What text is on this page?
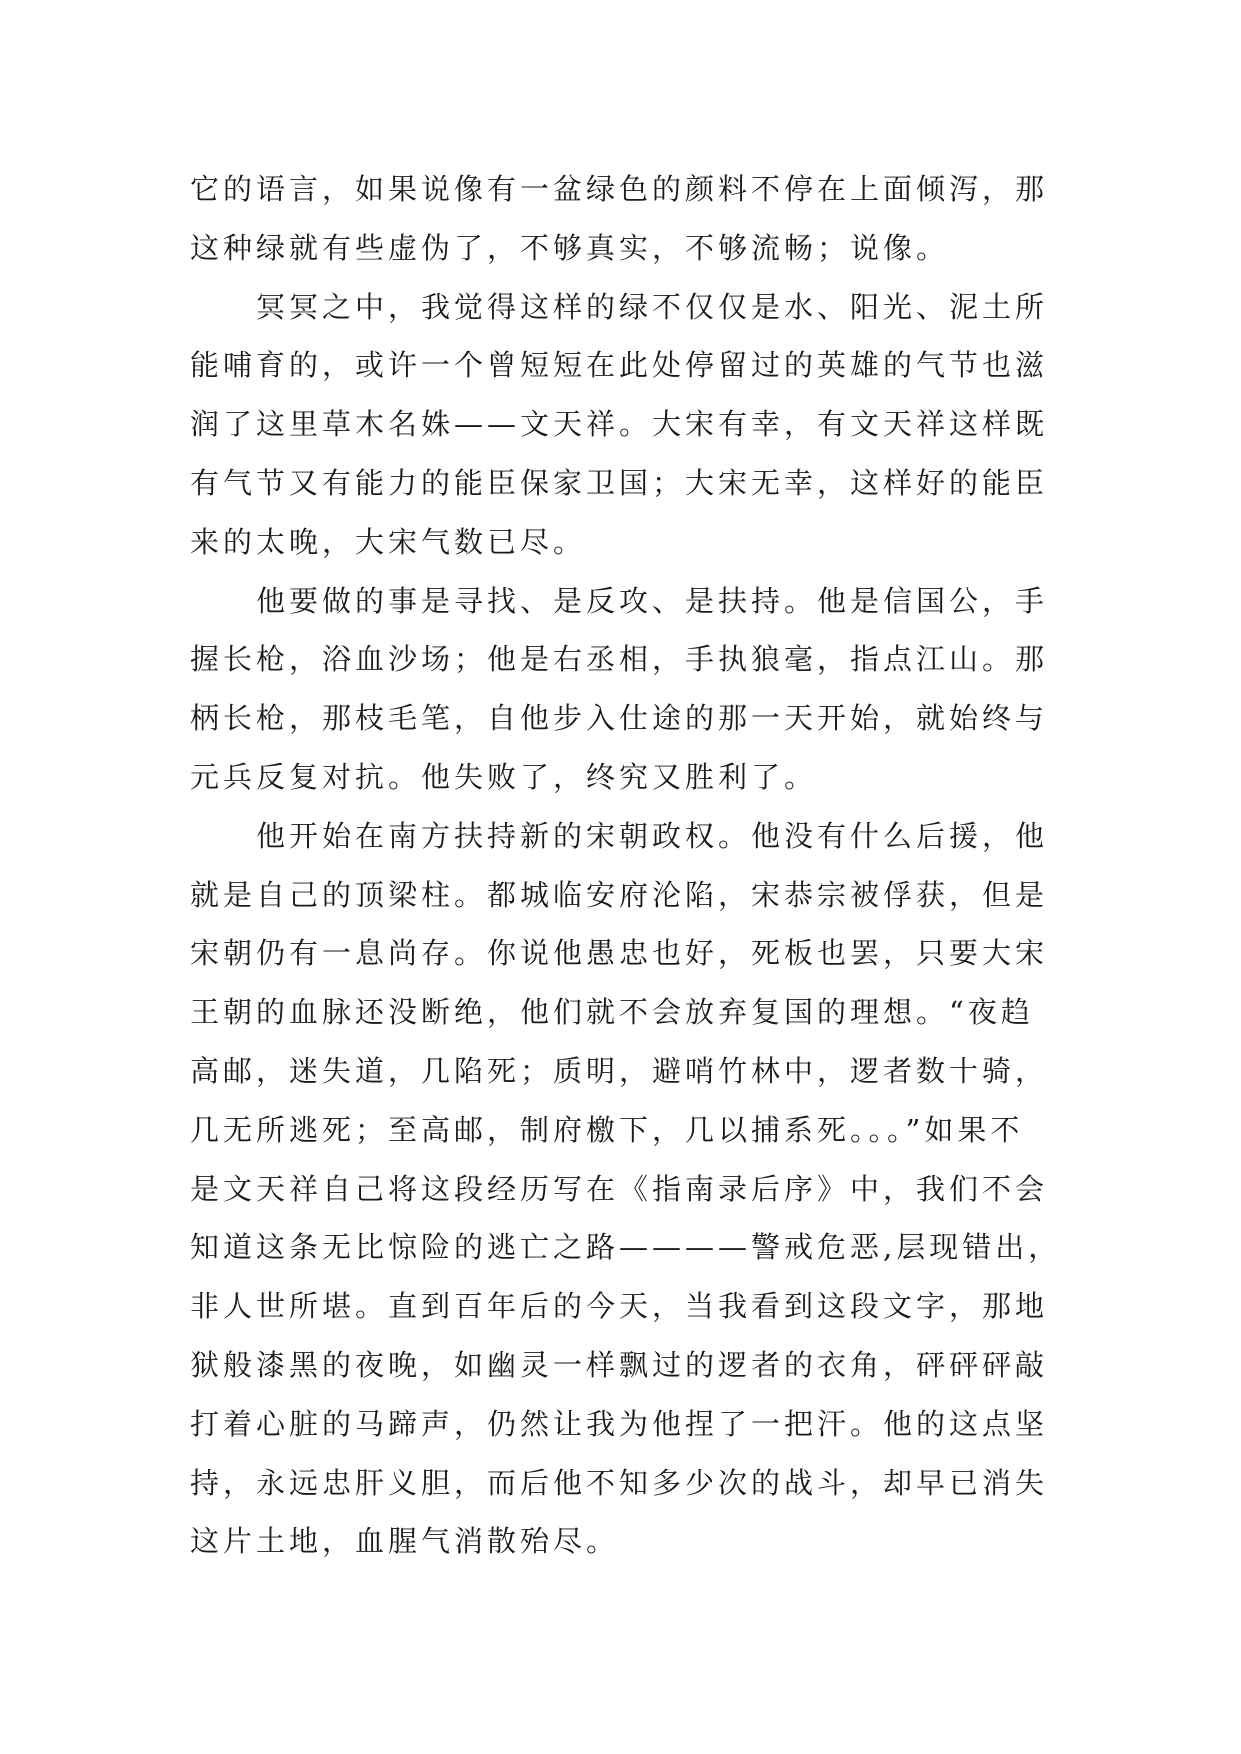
它的语言，如果说像有一盆绿色的颜料不停在上面倾泻，那
这种绿就有些虚伪了，不够真实，不够流畅；说像。
冥冥之中，我觉得这样的绿不仅仅是水、阳光、泥土所
能哺育的，或许一个曾短短在此处停留过的英雄的气节也滋
润了这里草木名姝——文天祥。大宋有幸，有文天祥这样既
有气节又有能力的能臣保家卫国；大宋无幸，这样好的能臣
来的太晚，大宋气数已尽。
他要做的事是寻找、是反攻、是扶持。他是信国公，手
握长枪，浴血沙场；他是右丞相，手执狼毫，指点江山。那
柄长枪，那枝毛笔，自他步入仕途的那一天开始，就始终与
元兵反复对抗。他失败了，终究又胜利了。
他开始在南方扶持新的宋朝政权。他没有什么后援，他
就是自己的顶梁柱。都城临安府沦陷，宋恭宗被俘获，但是
宋朝仍有一息尚存。你说他愚忠也好，死板也罢，只要大宋
王朝的血脉还没断绝，他们就不会放弃复国的理想。“夜趋
高邮，迷失道，几陷死；质明，避哨竹林中，逻者数十骑，
几无所逃死；至高邮，制府檄下，几以捕系死。。。”如果不
是文天祥自己将这段经历写在《指南录后序》中，我们不会
知道这条无比惊险的逃亡之路————警戒危恶,层现错出，
非人世所堪。直到百年后的今天，当我看到这段文字，那地
狱般漆黑的夜晚，如幽灵一样飘过的逻者的衣角，砰砰砰敲
打着心脏的马蹄声，仍然让我为他捏了一把汗。他的这点坚
持，永远忠肝义胆，而后他不知多少次的战斗，却早已消失
这片土地，血腥气消散殆尽。
